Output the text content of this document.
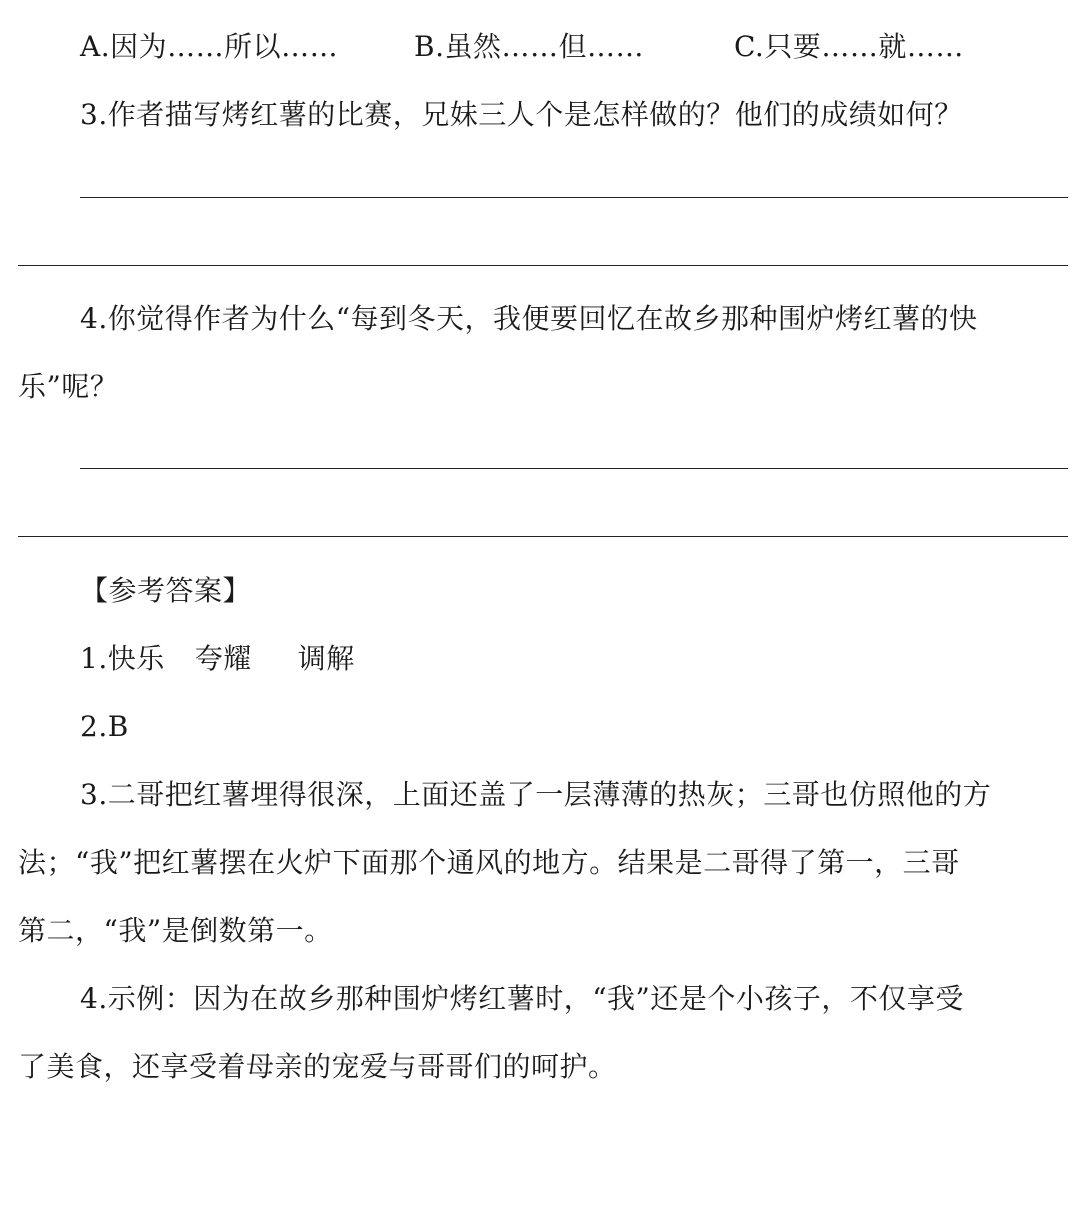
A.因为……所以……	B.虽然……但……	C.只要……就……
3.作者描写烤红薯的比赛，兄妹三人个是怎样做的？他们的成绩如何？
4.你觉得作者为什么“每到冬天，我便要回忆在故乡那种围炉烤红薯的快
乐”呢？
【参考答案】
1.快乐 夸耀 调解
2.B
3.二哥把红薯埋得很深，上面还盖了一层薄薄的热灰；三哥也仿照他的方
法；“我”把红薯摆在火炉下面那个通风的地方。结果是二哥得了第一，三哥
第二，“我”是倒数第一。
4.示例：因为在故乡那种围炉烤红薯时，“我”还是个小孩子，不仅享受
了美食，还享受着母亲的宠爱与哥哥们的呵护。
